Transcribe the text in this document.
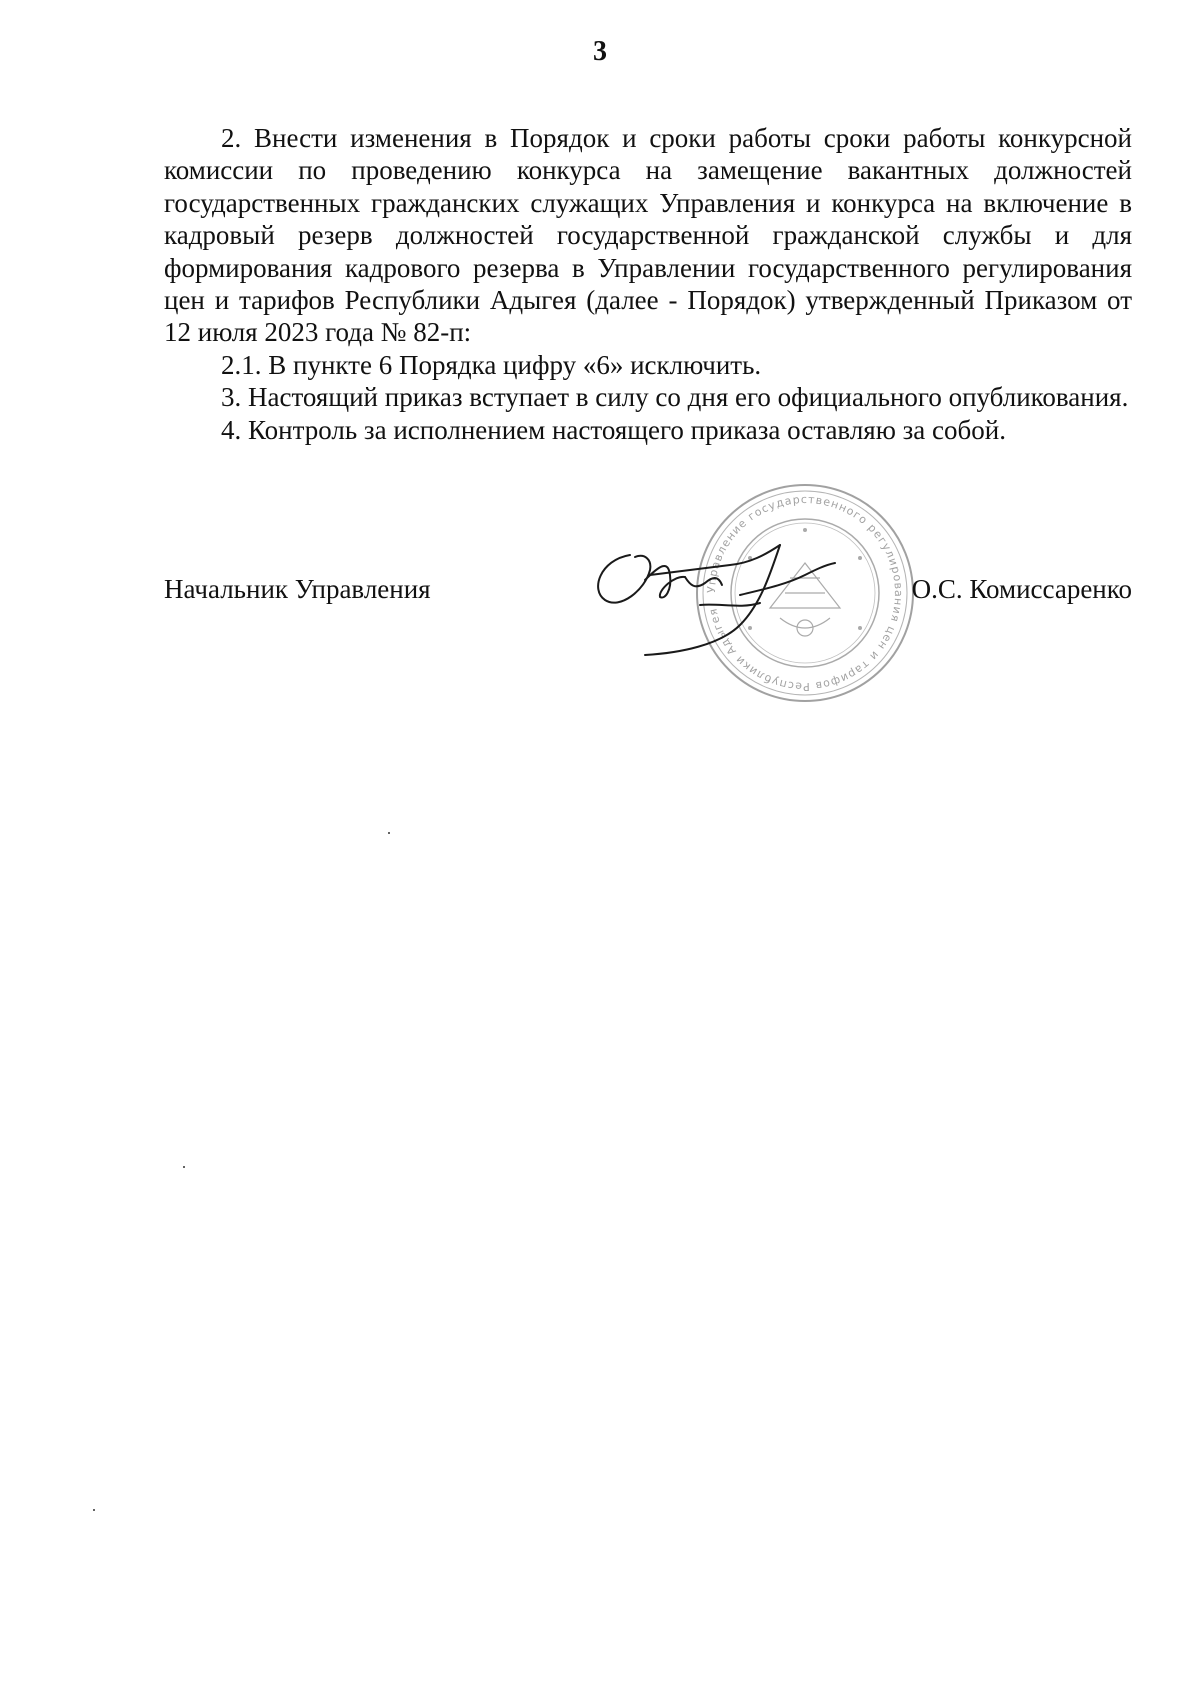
3

2. Внести изменения в Порядок и сроки работы сроки работы конкурсной комиссии по проведению конкурса на замещение вакантных должностей государственных гражданских служащих Управления и конкурса на включение в кадровый резерв должностей государственной гражданской службы и для формирования кадрового резерва в Управлении государственного регулирования цен и тарифов Республики Адыгея (далее - Порядок) утвержденный Приказом от 12 июля 2023 года № 82-п:

2.1. В пункте 6 Порядка цифру «6» исключить.

3. Настоящий приказ вступает в силу со дня его официального опубликования.

4. Контроль за исполнением настоящего приказа оставляю за собой.

Управление государственного регулирования цен и тарифов Республики Адыгея
Начальник Управления	О.С. Комиссаренко
